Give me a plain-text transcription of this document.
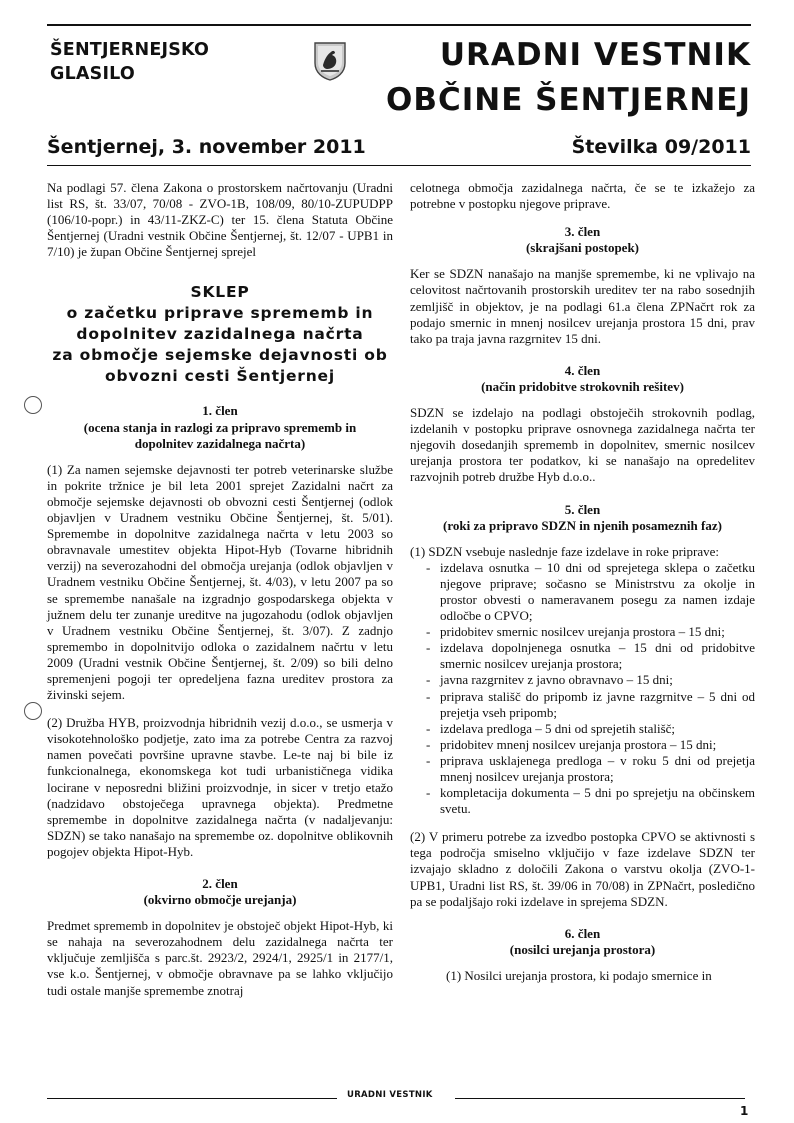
ŠENTJERNEJSKO
GLASILO
URADNI VESTNIK
OBČINE ŠENTJERNEJ
Šentjernej, 3. november 2011	Številka 09/2011

Na podlagi 57. člena Zakona o prostorskem načrtovanju (Uradni list RS, št. 33/07, 70/08 - ZVO-1B, 108/09, 80/10-ZUPUDPP (106/10-popr.) in 43/11-ZKZ-C) ter 15. člena Statuta Občine Šentjernej (Uradni vestnik Občine Šentjernej, št. 12/07 - UPB1 in 7/10) je župan Občine Šentjernej sprejel

SKLEP
o začetku priprave sprememb in
dopolnitev zazidalnega načrta
za območje sejemske dejavnosti ob
obvozni cesti Šentjernej
1. člen
(ocena stanja in razlogi za pripravo sprememb in
dopolnitev zazidalnega načrta)

(1) Za namen sejemske dejavnosti ter potreb veterinarske službe in pokrite tržnice je bil leta 2001 sprejet Zazidalni načrt za območje sejemske dejavnosti ob obvozni cesti Šentjernej (odlok objavljen v Uradnem vestniku Občine Šentjernej, št. 5/01). Spremembe in dopolnitve zazidalnega načrta v letu 2003 so obravnavale umestitev objekta Hipot-Hyb (Tovarne hibridnih verzij) na severozahodni del območja urejanja (odlok objavljen v Uradnem vestniku Občine Šentjernej, št. 4/03), v letu 2007 pa so se spremembe nanašale na izgradnjo gospodarskega objekta v južnem delu ter zunanje ureditve na jugozahodu (odlok objavljen v Uradnem vestniku Občine Šentjernej, št. 3/07). Z zadnjo spremembo in dopolnitvijo odloka o zazidalnem načrtu v letu 2009 (Uradni vestnik Občine Šentjernej, št. 2/09) so bili delno spremenjeni pogoji ter opredeljena fazna ureditev prostora za živinski sejem.

(2) Družba HYB, proizvodnja hibridnih vezij d.o.o., se usmerja v visokotehnološko podjetje, zato ima za potrebe Centra za razvoj namen povečati površine upravne stavbe. Le-te naj bi bile iz funkcionalnega, ekonomskega kot tudi urbanističnega vidika locirane v neposredni bližini proizvodnje, in sicer v tretjo etažo (nadzidavo obstoječega upravnega objekta). Predmetne spremembe in dopolnitve zazidalnega načrta (v nadaljevanju: SDZN) se tako nanašajo na spremembe oz. dopolnitve oblikovnih pogojev objekta Hipot-Hyb.

2. člen
(okvirno območje urejanja)

Predmet sprememb in dopolnitev je obstoječ objekt Hipot-Hyb, ki se nahaja na severozahodnem delu zazidalnega načrta ter vključuje zemljišča s parc.št. 2923/2, 2924/1, 2925/1 in 2177/1, vse k.o. Šentjernej, v območje obravnave pa se lahko vključijo tudi ostale manjše spremembe znotraj

celotnega območja zazidalnega načrta, če se te izkažejo za potrebne v postopku njegove priprave.

3. člen
(skrajšani postopek)

Ker se SDZN nanašajo na manjše spremembe, ki ne vplivajo na celovitost načrtovanih prostorskih ureditev ter na rabo sosednjih zemljišč in objektov, je na podlagi 61.a člena ZPNačrt rok za podajo smernic in mnenj nosilcev urejanja prostora 15 dni, prav tako pa traja javna razgrnitev 15 dni.

4. člen
(način pridobitve strokovnih rešitev)

SDZN se izdelajo na podlagi obstoječih strokovnih podlag, izdelanih v postopku priprave osnovnega zazidalnega načrta ter njegovih dosedanjih sprememb in dopolnitev, smernic nosilcev urejanja prostora ter podatkov, ki se nanašajo na opredelitev razvojnih potreb družbe Hyb d.o.o..

5. člen
(roki za pripravo SDZN in njenih posameznih faz)

(1) SDZN vsebuje naslednje faze izdelave in roke priprave:

- izdelava osnutka – 10 dni od sprejetega sklepa o začetku njegove priprave; sočasno se Ministrstvu za okolje in prostor obvesti o nameravanem posegu za namen izdaje odločbe o CPVO;
- pridobitev smernic nosilcev urejanja prostora – 15 dni;
- izdelava dopolnjenega osnutka – 15 dni od pridobitve smernic nosilcev urejanja prostora;
- javna razgrnitev z javno obravnavo – 15 dni;
- priprava stališč do pripomb iz javne razgrnitve – 5 dni od prejetja vseh pripomb;
- izdelava predloga – 5 dni od sprejetih stališč;
- pridobitev mnenj nosilcev urejanja prostora – 15 dni;
- priprava usklajenega predloga – v roku 5 dni od prejetja mnenj nosilcev urejanja prostora;
- kompletacija dokumenta – 5 dni po sprejetju na občinskem svetu.

(2) V primeru potrebe za izvedbo postopka CPVO se aktivnosti s tega področja smiselno vključijo v faze izdelave SDZN ter izvajajo skladno z določili Zakona o varstvu okolja (ZVO-1-UPB1, Uradni list RS, št. 39/06 in 70/08) in ZPNačrt, posledično pa se podaljšajo roki izdelave in sprejema SDZN.

6. člen
(nosilci urejanja prostora)

(1) Nosilci urejanja prostora, ki podajo smernice in

URADNI VESTNIK
1
